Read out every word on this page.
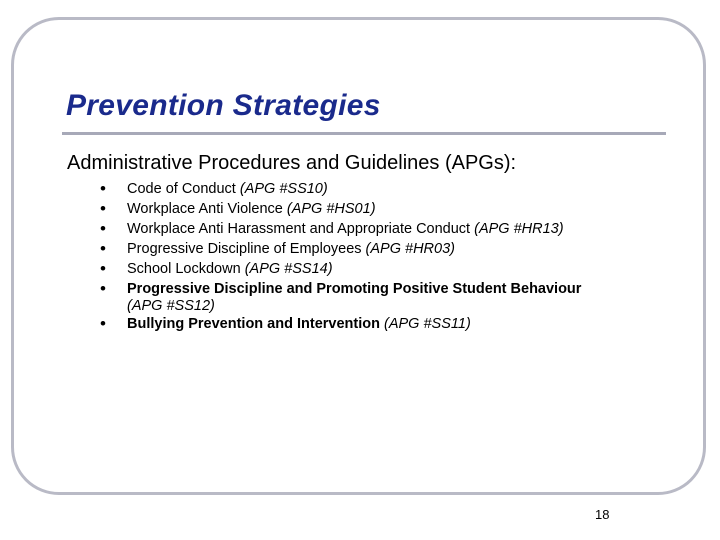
Prevention Strategies

Administrative Procedures and Guidelines (APGs):

• Code of Conduct (APG #SS10)
• Workplace Anti Violence (APG #HS01)
• Workplace Anti Harassment and Appropriate Conduct (APG #HR13)
• Progressive Discipline of Employees (APG #HR03)
• School Lockdown (APG #SS14)
• Progressive Discipline and Promoting Positive Student Behaviour
(APG #SS12)
• Bullying Prevention and Intervention (APG #SS11)
18
